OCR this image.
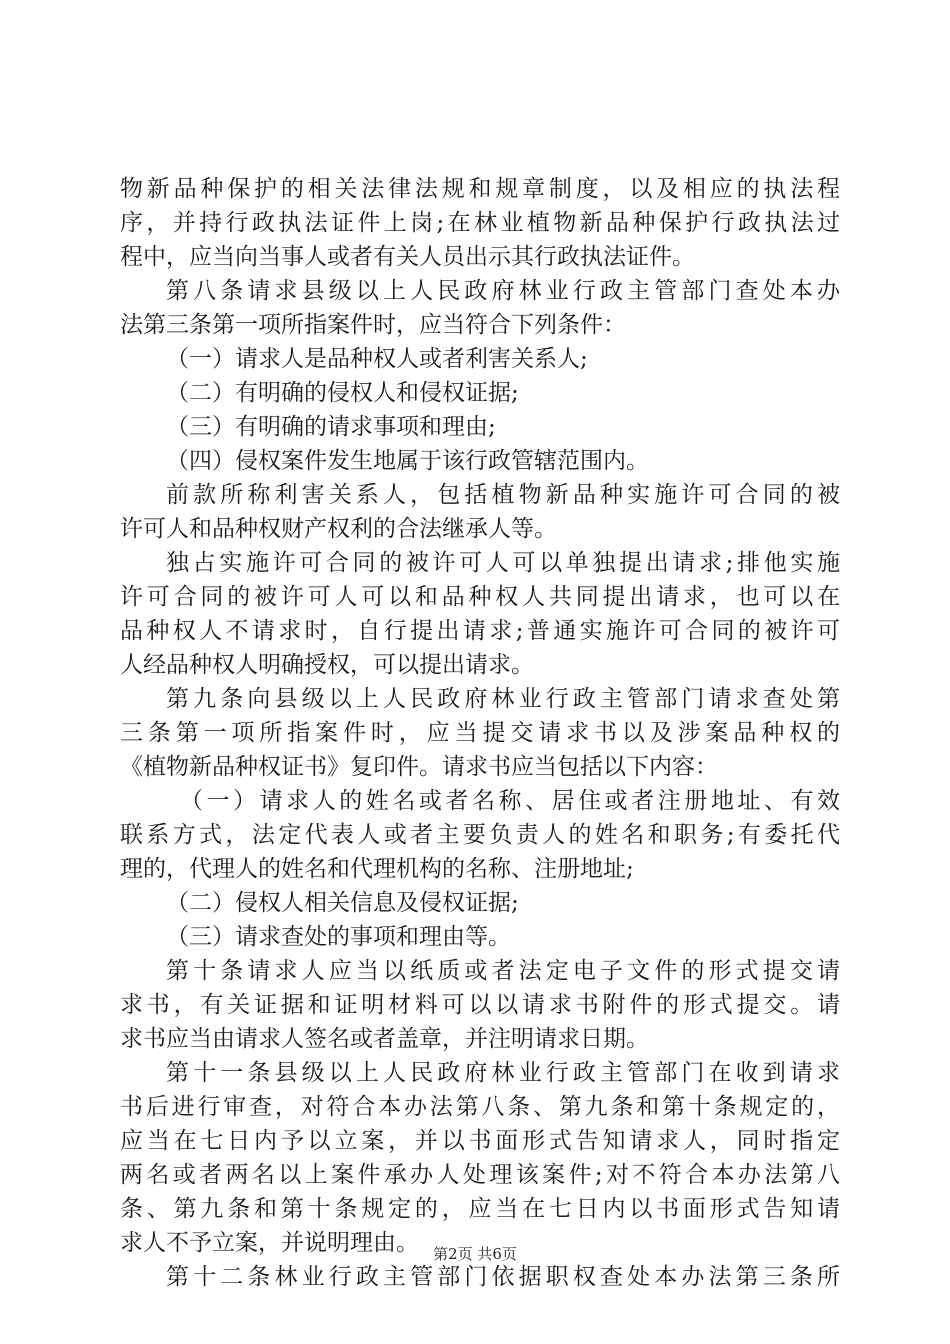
物新品种保护的相关法律法规和规章制度，以及相应的执法程
序，并持行政执法证件上岗;在林业植物新品种保护行政执法过
程中，应当向当事人或者有关人员出示其行政执法证件。
第八条请求县级以上人民政府林业行政主管部门查处本办
法第三条第一项所指案件时，应当符合下列条件：
（一）请求人是品种权人或者利害关系人;
（二）有明确的侵权人和侵权证据;
（三）有明确的请求事项和理由;
（四）侵权案件发生地属于该行政管辖范围内。
前款所称利害关系人，包括植物新品种实施许可合同的被
许可人和品种权财产权利的合法继承人等。
独占实施许可合同的被许可人可以单独提出请求;排他实施
许可合同的被许可人可以和品种权人共同提出请求，也可以在
品种权人不请求时，自行提出请求;普通实施许可合同的被许可
人经品种权人明确授权，可以提出请求。
第九条向县级以上人民政府林业行政主管部门请求查处第
三条第一项所指案件时，应当提交请求书以及涉案品种权的
《植物新品种权证书》复印件。请求书应当包括以下内容：
（一）请求人的姓名或者名称、居住或者注册地址、有效
联系方式，法定代表人或者主要负责人的姓名和职务;有委托代
理的，代理人的姓名和代理机构的名称、注册地址;
（二）侵权人相关信息及侵权证据;
（三）请求查处的事项和理由等。
第十条请求人应当以纸质或者法定电子文件的形式提交请
求书，有关证据和证明材料可以以请求书附件的形式提交。请
求书应当由请求人签名或者盖章，并注明请求日期。
第十一条县级以上人民政府林业行政主管部门在收到请求
书后进行审查，对符合本办法第八条、第九条和第十条规定的，
应当在七日内予以立案，并以书面形式告知请求人，同时指定
两名或者两名以上案件承办人处理该案件;对不符合本办法第八
条、第九条和第十条规定的，应当在七日内以书面形式告知请
求人不予立案，并说明理由。
第十二条林业行政主管部门依据职权查处本办法第三条所
第2页 共6页
